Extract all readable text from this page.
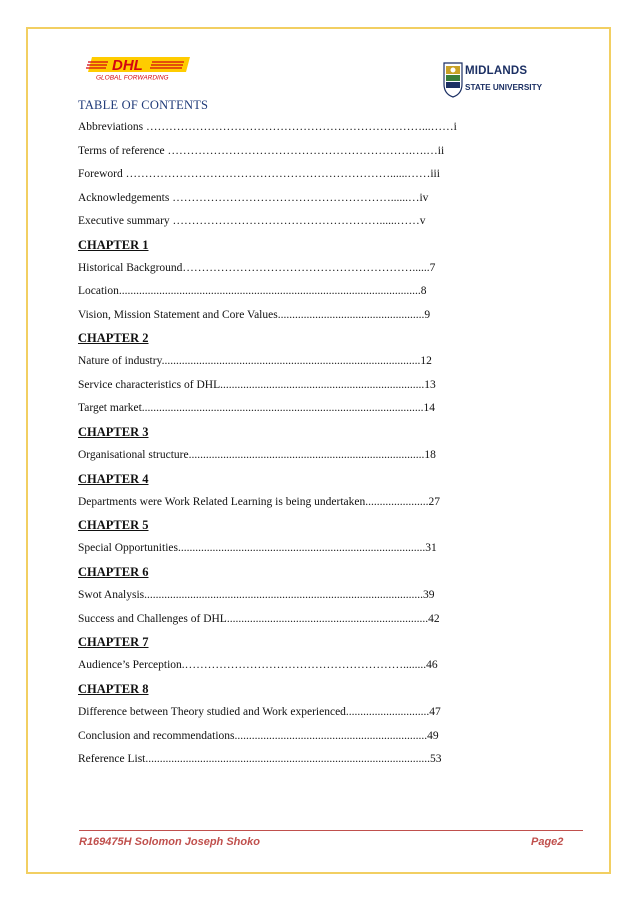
DHL
GLOBAL FORWARDING
MIDLANDS
STATE UNIVERSITY
TABLE OF CONTENTS
Abbreviations ………………………………………………………………...……i
Terms of reference ……………………………………………………….….…ii
Foreword ……………………………………………………………......……iii
Acknowledgements …………………………………………………......…iv
Executive summary ………………………………………………......……v
CHAPTER 1
Historical Background……………………………………………………......7
Location.........................................................................................................8
Vision, Mission Statement and Core Values...................................................9
CHAPTER 2
Nature of industry..........................................................................................12
Service characteristics of DHL.......................................................................13
Target market..................................................................................................14
CHAPTER 3
Organisational structure..................................................................................18
CHAPTER 4
Departments were Work Related Learning is being undertaken......................27
CHAPTER 5
Special Opportunities......................................................................................31
CHAPTER 6
Swot Analysis.................................................................................................39
Success and Challenges of DHL......................................................................42
CHAPTER 7
Audience’s Perception.…………………………………………………........46
CHAPTER 8
Difference between Theory studied and Work experienced.............................47
Conclusion and recommendations...................................................................49
Reference List...................................................................................................53
R169475H Solomon Joseph Shoko	Page2
